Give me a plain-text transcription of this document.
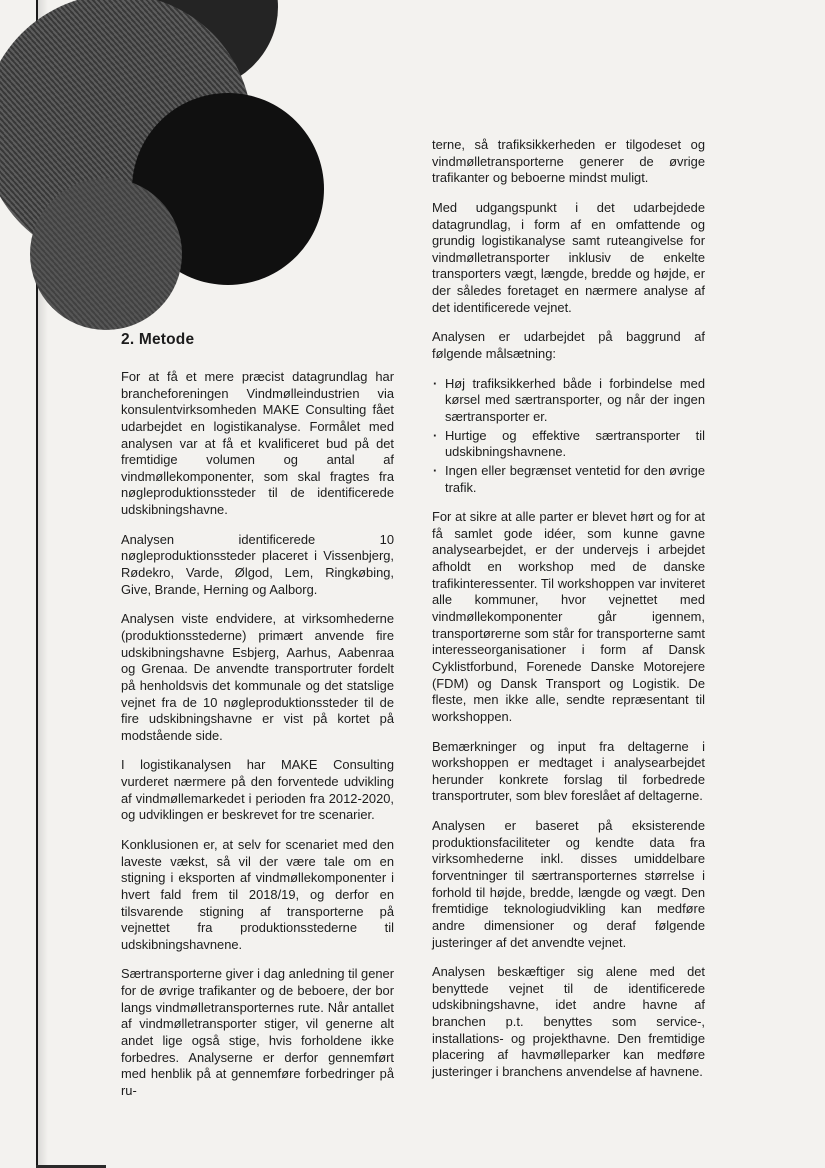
2. Metode

For at få et mere præcist datagrundlag har brancheforeningen Vindmølleindustrien via konsulentvirksomheden MAKE Consulting fået udarbejdet en logistikanalyse. Formålet med analysen var at få et kvalificeret bud på det fremtidige volumen og antal af vindmøllekomponenter, som skal fragtes fra nøgleproduktionssteder til de identificerede udskibningshavne.

Analysen identificerede 10 nøgleproduktionssteder placeret i Vissenbjerg, Rødekro, Varde, Ølgod, Lem, Ringkøbing, Give, Brande, Herning og Aalborg.

Analysen viste endvidere, at virksomhederne (produktionsstederne) primært anvende fire udskibningshavne Esbjerg, Aarhus, Aabenraa og Grenaa. De anvendte transportruter fordelt på henholdsvis det kommunale og det statslige vejnet fra de 10 nøgleproduktionssteder til de fire udskibningshavne er vist på kortet på modstående side.

I logistikanalysen har MAKE Consulting vurderet nærmere på den forventede udvikling af vindmøllemarkedet i perioden fra 2012-2020, og udviklingen er beskrevet for tre scenarier.

Konklusionen er, at selv for scenariet med den laveste vækst, så vil der være tale om en stigning i eksporten af vindmøllekomponenter i hvert fald frem til 2018/19, og derfor en tilsvarende stigning af transporterne på vejnettet fra produktionsstederne til udskibningshavnene.

Særtransporterne giver i dag anledning til gener for de øvrige trafikanter og de beboere, der bor langs vindmølletransporternes rute. Når antallet af vindmølletransporter stiger, vil generne alt andet lige også stige, hvis forholdene ikke forbedres. Analyserne er derfor gennemført med henblik på at gennemføre forbedringer på ru-

terne, så trafiksikkerheden er tilgodeset og vindmølletransporterne generer de øvrige trafikanter og beboerne mindst muligt.

Med udgangspunkt i det udarbejdede datagrundlag, i form af en omfattende og grundig logistikanalyse samt ruteangivelse for vindmølletransporter inklusiv de enkelte transporters vægt, længde, bredde og højde, er der således foretaget en nærmere analyse af det identificerede vejnet.

Analysen er udarbejdet på baggrund af følgende målsætning:

· Høj trafiksikkerhed både i forbindelse med kørsel med særtransporter, og når der ingen særtransporter er.
· Hurtige og effektive særtransporter til udskibningshavnene.
· Ingen eller begrænset ventetid for den øvrige trafik.

For at sikre at alle parter er blevet hørt og for at få samlet gode idéer, som kunne gavne analysearbejdet, er der undervejs i arbejdet afholdt en workshop med de danske trafikinteressenter. Til workshoppen var inviteret alle kommuner, hvor vejnettet med vindmøllekomponenter går igennem, transportørerne som står for transporterne samt interesseorganisationer i form af Dansk Cyklistforbund, Forenede Danske Motorejere (FDM) og Dansk Transport og Logistik. De fleste, men ikke alle, sendte repræsentant til workshoppen.

Bemærkninger og input fra deltagerne i workshoppen er medtaget i analysearbejdet herunder konkrete forslag til forbedrede transportruter, som blev foreslået af deltagerne.

Analysen er baseret på eksisterende produktionsfaciliteter og kendte data fra virksomhederne inkl. disses umiddelbare forventninger til særtransporternes størrelse i forhold til højde, bredde, længde og vægt. Den fremtidige teknologiudvikling kan medføre andre dimensioner og deraf følgende justeringer af det anvendte vejnet.

Analysen beskæftiger sig alene med det benyttede vejnet til de identificerede udskibningshavne, idet andre havne af branchen p.t. benyttes som service-, installations- og projekthavne. Den fremtidige placering af havmølleparker kan medføre justeringer i branchens anvendelse af havnene.
